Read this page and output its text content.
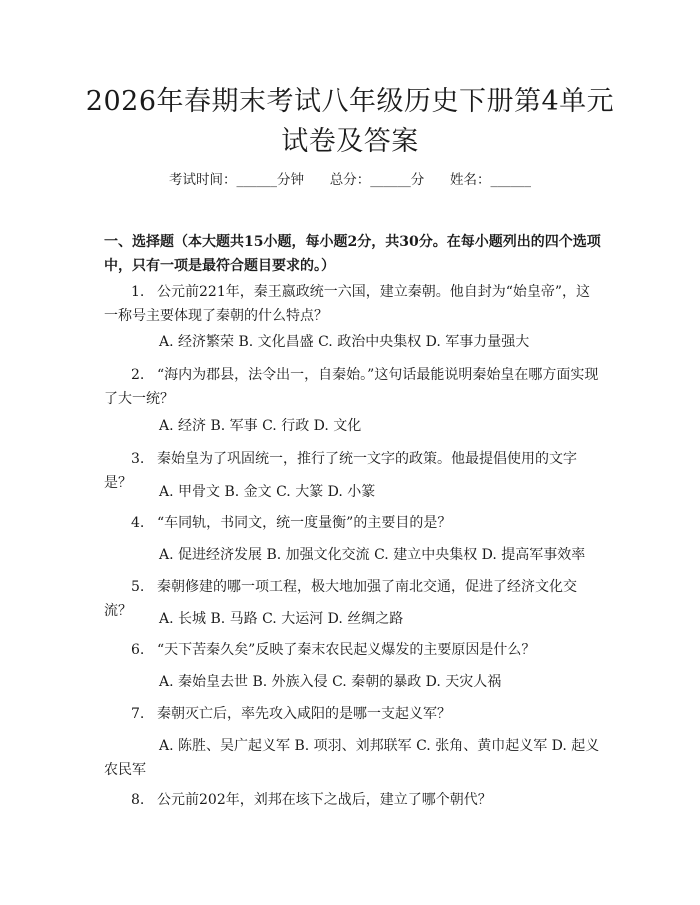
2026年春期末考试八年级历史下册第4单元
试卷及答案
考试时间：______分钟      总分：______分      姓名：______
一、选择题（本大题共15小题，每小题2分，共30分。在每小题列出的四个选项中，只有一项是最符合题目要求的。）
1. 公元前221年，秦王嬴政统一六国，建立秦朝。他自封为“始皇帝”，这一称号主要体现了秦朝的什么特点？
A. 经济繁荣 B. 文化昌盛 C. 政治中央集权 D. 军事力量强大
2. “海内为郡县，法令出一，自秦始。”这句话最能说明秦始皇在哪方面实现了大一统？
A. 经济 B. 军事 C. 行政 D. 文化
3. 秦始皇为了巩固统一，推行了统一文字的政策。他最提倡使用的文字是？
A. 甲骨文 B. 金文 C. 大篆 D. 小篆
4. “车同轨，书同文，统一度量衡”的主要目的是？
A. 促进经济发展 B. 加强文化交流 C. 建立中央集权 D. 提高军事效率
5. 秦朝修建的哪一项工程，极大地加强了南北交通，促进了经济文化交流？	A. 长城 B. 马路 C. 大运河 D. 丝绸之路
6. “天下苦秦久矣”反映了秦末农民起义爆发的主要原因是什么？
A. 秦始皇去世 B. 外族入侵 C. 秦朝的暴政 D. 天灾人祸
7. 秦朝灭亡后，率先攻入咸阳的是哪一支起义军？
A. 陈胜、吴广起义军 B. 项羽、刘邦联军 C. 张角、黄巾起义军 D. 起义农民军
8. 公元前202年，刘邦在垓下之战后，建立了哪个朝代？
